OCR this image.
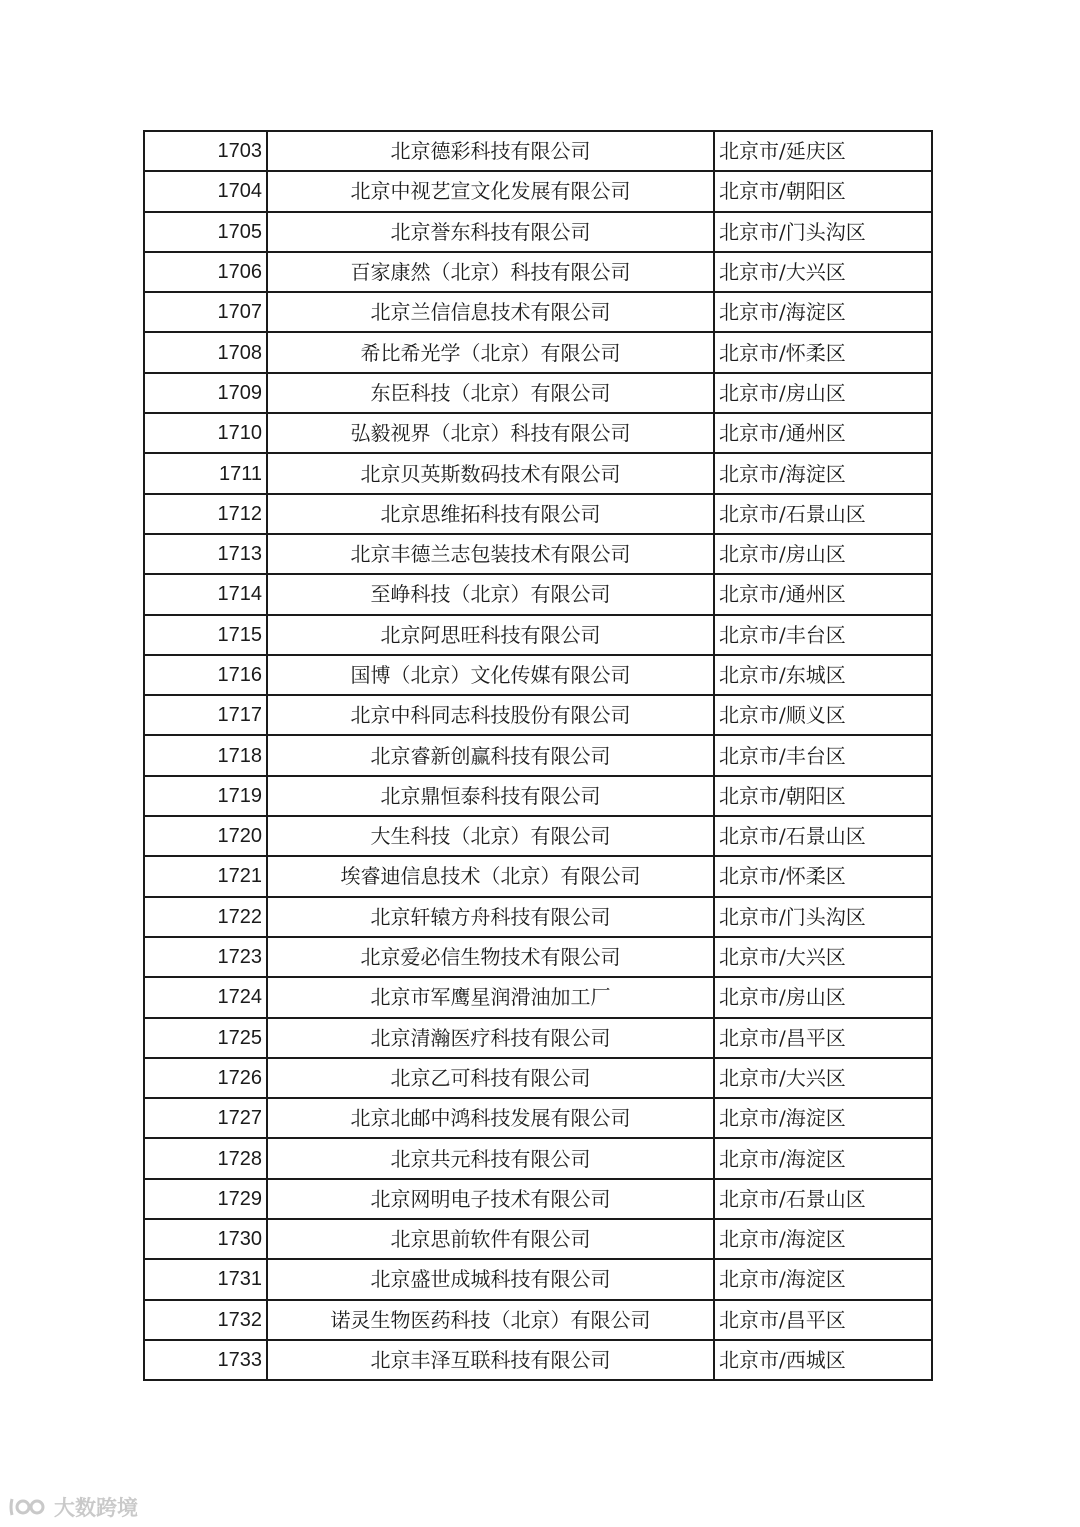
1703	北京德彩科技有限公司	北京市/延庆区
1704	北京中视艺宣文化发展有限公司	北京市/朝阳区
1705	北京誉东科技有限公司	北京市/门头沟区
1706	百家康然（北京）科技有限公司	北京市/大兴区
1707	北京兰信信息技术有限公司	北京市/海淀区
1708	希比希光学（北京）有限公司	北京市/怀柔区
1709	东臣科技（北京）有限公司	北京市/房山区
1710	弘毅视界（北京）科技有限公司	北京市/通州区
1711	北京贝英斯数码技术有限公司	北京市/海淀区
1712	北京思维拓科技有限公司	北京市/石景山区
1713	北京丰德兰志包装技术有限公司	北京市/房山区
1714	至峥科技（北京）有限公司	北京市/通州区
1715	北京阿思旺科技有限公司	北京市/丰台区
1716	国博（北京）文化传媒有限公司	北京市/东城区
1717	北京中科同志科技股份有限公司	北京市/顺义区
1718	北京睿新创赢科技有限公司	北京市/丰台区
1719	北京鼎恒泰科技有限公司	北京市/朝阳区
1720	大生科技（北京）有限公司	北京市/石景山区
1721	埃睿迪信息技术（北京）有限公司	北京市/怀柔区
1722	北京轩辕方舟科技有限公司	北京市/门头沟区
1723	北京爱必信生物技术有限公司	北京市/大兴区
1724	北京市军鹰星润滑油加工厂	北京市/房山区
1725	北京清瀚医疗科技有限公司	北京市/昌平区
1726	北京乙可科技有限公司	北京市/大兴区
1727	北京北邮中鸿科技发展有限公司	北京市/海淀区
1728	北京共元科技有限公司	北京市/海淀区
1729	北京网明电子技术有限公司	北京市/石景山区
1730	北京思前软件有限公司	北京市/海淀区
1731	北京盛世成城科技有限公司	北京市/海淀区
1732	诺灵生物医药科技（北京）有限公司	北京市/昌平区
1733	北京丰泽互联科技有限公司	北京市/西城区
大数跨境
